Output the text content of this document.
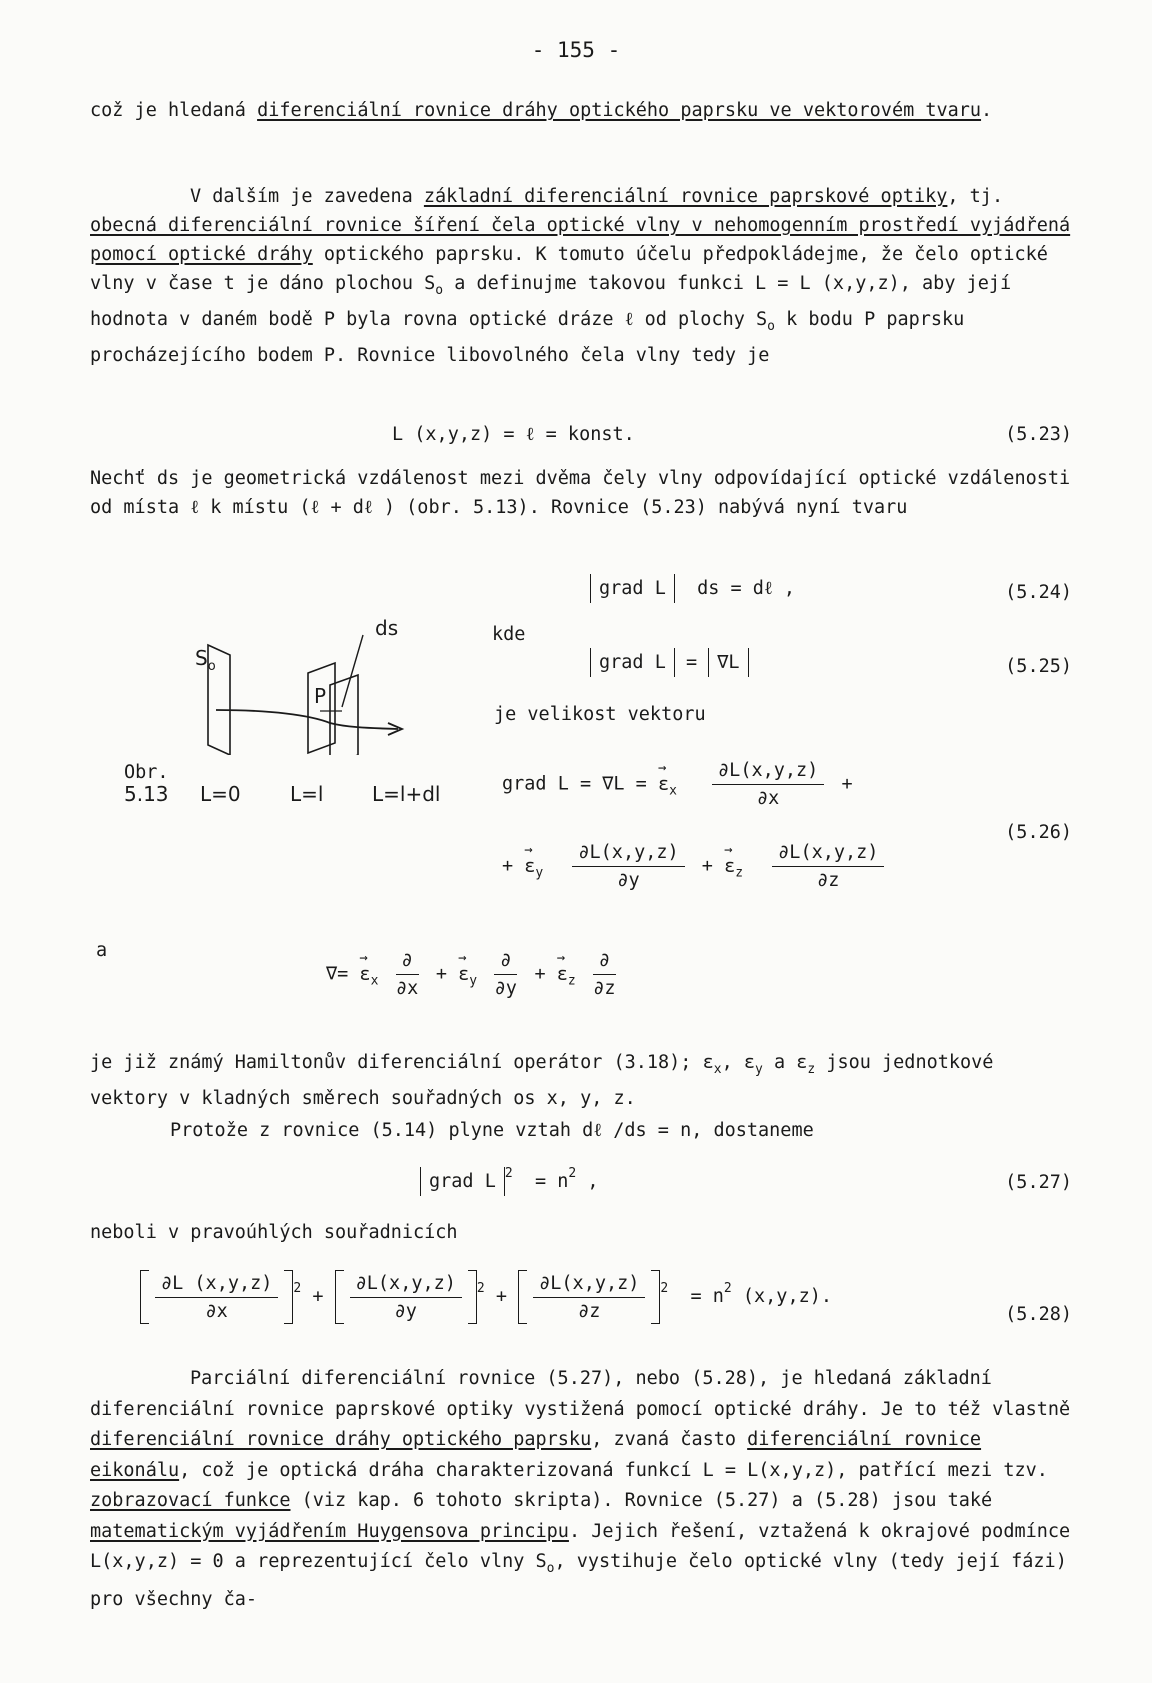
- 155 -

což je hledaná diferenciální rovnice dráhy optického paprsku ve vektorovém tvaru.

V dalším je zavedena základní diferenciální rovnice paprskové optiky, tj. obecná diferenciální rovnice šíření čela optické vlny v nehomogenním prostředí vyjádřená pomocí optické dráhy optického paprsku. K tomuto účelu předpokládejme, že čelo optické vlny v čase t je dáno plochou $S_o$ a definujme takovou funkci L = L (x,y,z), aby její hodnota v daném bodě P byla rovna optické dráze ℓ od plochy $S_o$ k bodu P paprsku procházejícího bodem P. Rovnice libovolného čela vlny tedy je

L (x,y,z) = ℓ = konst.	(5.23)

Nechť ds je geometrická vzdálenost mezi dvěma čely vlny odpovídající optické vzdálenosti od místa ℓ k místu (ℓ + dℓ ) (obr. 5.13). Rovnice (5.23) nabývá nyní tvaru

grad L ds = dℓ ,	(5.24)
kde
grad L = ∇L	(5.25)
je velikost vektoru
$S_o$
ds
P
Obr.
5.13 L=0 L=l L=l+dl	grad L = ∇L = → $\varepsilon_x \frac{\partial L(x,y,z)}{\partial x}$ +
+ → $\varepsilon_y \frac{\partial L(x,y,z)}{\partial y}$ + → $\varepsilon_z \frac{\partial L(x,y,z)}{\partial z}$
(5.26)
a
∇= → $\varepsilon_x \frac{\partial}{\partial x}$ + → $\varepsilon_y \frac{\partial}{\partial y}$ + → $\varepsilon_z \frac{\partial}{\partial z}$

je již známý Hamiltonův diferenciální operátor (3.18); $\varepsilon_x$, $\varepsilon_y$ a $\varepsilon_z$ jsou jednotkové vektory v kladných směrech souřadných os x, y, z.

Protože z rovnice (5.14) plyne vztah dℓ /ds = n, dostaneme

grad L $^2 = n^2$ ,	(5.27)

neboli v pravoúhlých souřadnicích

$\frac{\partial L (x,y,z)}{\partial x} ^2 + \frac{\partial L(x,y,z)}{\partial y} ^2 + \frac{\partial L(x,y,z)}{\partial z} ^2 = n^2$ (x,y,z).
(5.28)

Parciální diferenciální rovnice (5.27), nebo (5.28), je hledaná základní diferenciální rovnice paprskové optiky vystižená pomocí optické dráhy. Je to též vlastně diferenciální rovnice dráhy optického paprsku, zvaná často diferenciální rovnice eikonálu, což je optická dráha charakterizovaná funkcí L = L(x,y,z), patřící mezi tzv. zobrazovací funkce (viz kap. 6 tohoto skripta). Rovnice (5.27) a (5.28) jsou také matematickým vyjádřením Huygensova principu. Jejich řešení, vztažená k okrajové podmínce L(x,y,z) = 0 a reprezentující čelo vlny $S_o$, vystihuje čelo optické vlny (tedy její fázi) pro všechny ča-
